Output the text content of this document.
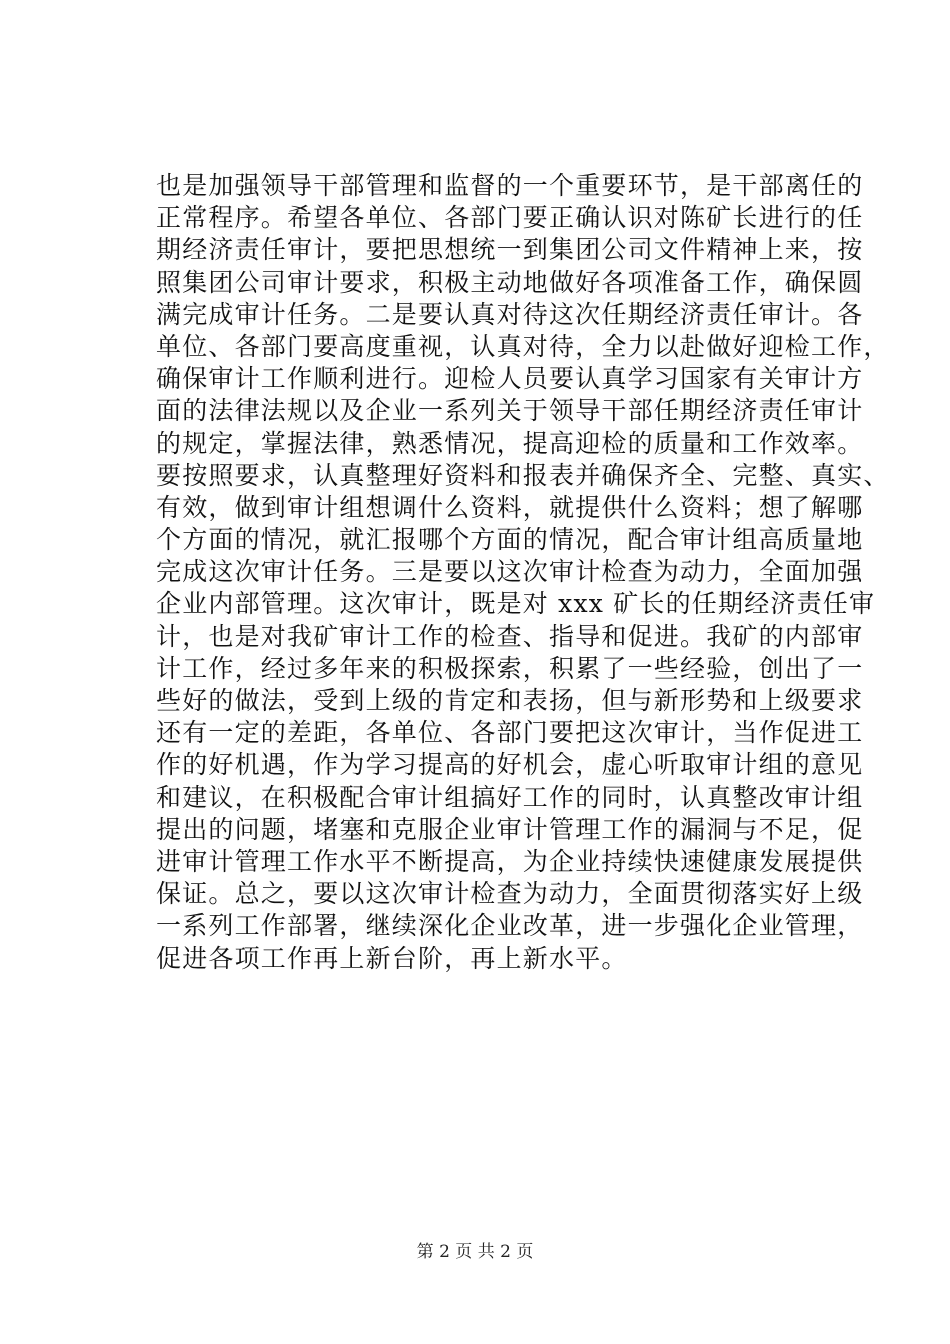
也是加强领导干部管理和监督的一个重要环节，是干部离任的
正常程序。希望各单位、各部门要正确认识对陈矿长进行的任
期经济责任审计，要把思想统一到集团公司文件精神上来，按
照集团公司审计要求，积极主动地做好各项准备工作，确保圆
满完成审计任务。二是要认真对待这次任期经济责任审计。各
单位、各部门要高度重视，认真对待，全力以赴做好迎检工作，
确保审计工作顺利进行。迎检人员要认真学习国家有关审计方
面的法律法规以及企业一系列关于领导干部任期经济责任审计
的规定，掌握法律，熟悉情况，提高迎检的质量和工作效率。
要按照要求，认真整理好资料和报表并确保齐全、完整、真实、
有效，做到审计组想调什么资料，就提供什么资料；想了解哪
个方面的情况，就汇报哪个方面的情况，配合审计组高质量地
完成这次审计任务。三是要以这次审计检查为动力，全面加强
企业内部管理。这次审计，既是对 xxx 矿长的任期经济责任审
计，也是对我矿审计工作的检查、指导和促进。我矿的内部审
计工作，经过多年来的积极探索，积累了一些经验，创出了一
些好的做法，受到上级的肯定和表扬，但与新形势和上级要求
还有一定的差距，各单位、各部门要把这次审计，当作促进工
作的好机遇，作为学习提高的好机会，虚心听取审计组的意见
和建议，在积极配合审计组搞好工作的同时，认真整改审计组
提出的问题，堵塞和克服企业审计管理工作的漏洞与不足，促
进审计管理工作水平不断提高，为企业持续快速健康发展提供
保证。总之，要以这次审计检查为动力，全面贯彻落实好上级
一系列工作部署，继续深化企业改革，进一步强化企业管理，
促进各项工作再上新台阶，再上新水平。
第 2 页 共 2 页
